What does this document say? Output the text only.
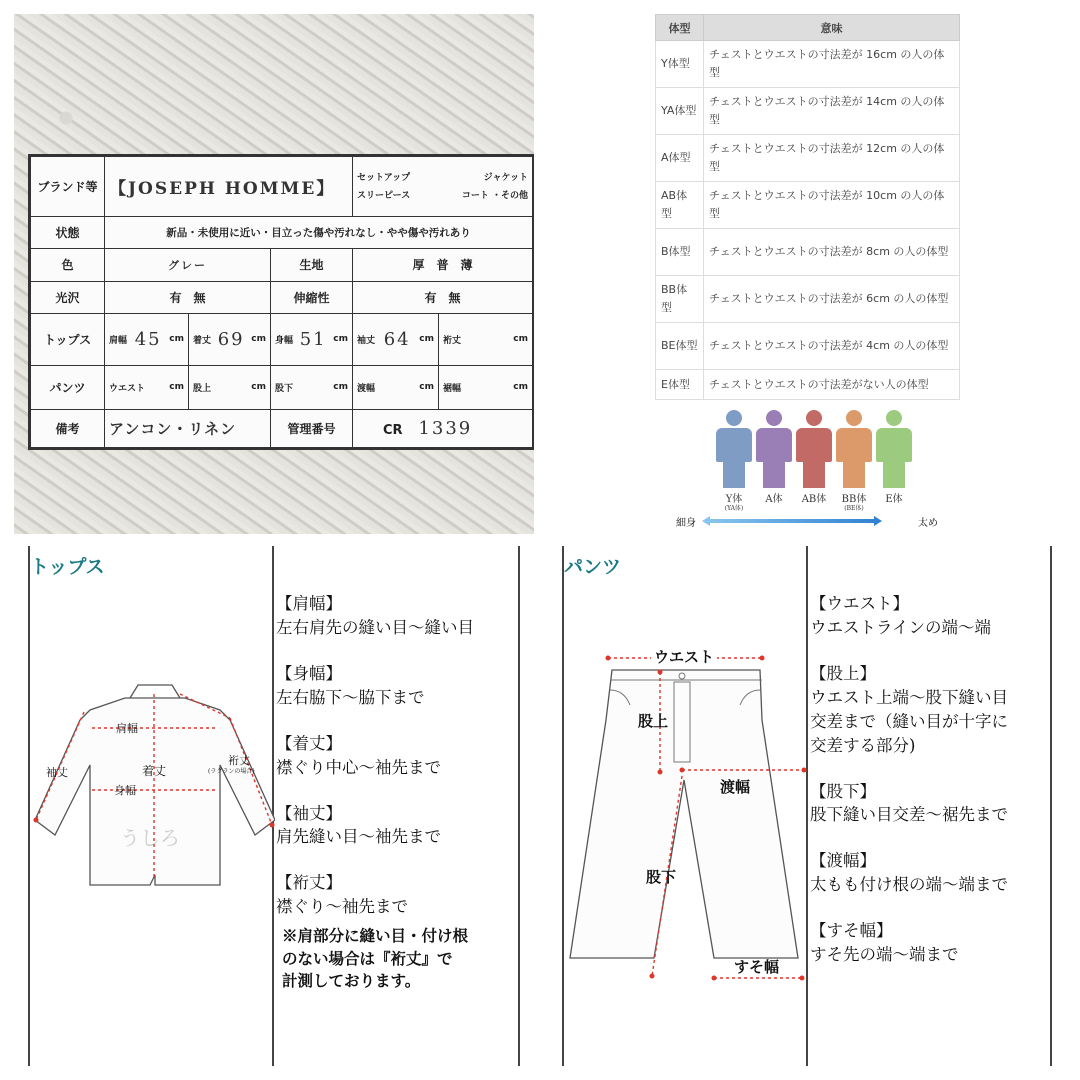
ブランド等	【JOSEPH HOMME】			セットアップ ジャケット
スリーピース コート ・その他	

状態	新品・未使用に近い・目立った傷や汚れなし・やや傷や汚れあり				
色	グレー		生地	厚　普　薄	
光沢	有　無		伸縮性	有　無	
トップス	肩幅 45 cm	着丈 69 cm	身幅 51 cm	袖丈 64 cm	裄丈 cm

パンツ	ウエスト cm	股上 cm	股下 cm	渡幅 cm	裾幅 cm

備考	アンコン・リネン		管理番号	CR 1339	
体型	意味
Y体型	チェストとウエストの寸法差が 16cm の人の体型
YA体型	チェストとウエストの寸法差が 14cm の人の体型
A体型	チェストとウエストの寸法差が 12cm の人の体型
AB体型	チェストとウエストの寸法差が 10cm の人の体型
B体型	チェストとウエストの寸法差が 8cm の人の体型
BB体型	チェストとウエストの寸法差が 6cm の人の体型
BE体型	チェストとウエストの寸法差が 4cm の人の体型
E体型	チェストとウエストの寸法差がない人の体型
Y体
(YA体)
A体	AB体	BB体
(BE体)
E体
細身	太め
トップス
うしろ
肩幅
袖丈	着丈
身幅
裄丈
(ラグランの場合)
【肩幅】
左右肩先の縫い目〜縫い目
【身幅】
左右脇下〜脇下まで
【着丈】
襟ぐり中心〜袖先まで
【袖丈】
肩先縫い目〜袖先まで
【裄丈】
襟ぐり〜袖先まで
※肩部分に縫い目・付け根
のない場合は『裄丈』で
計測しております。
パンツ
ウエスト
股上
渡幅
股下
すそ幅
【ウエスト】
ウエストラインの端〜端
【股上】
ウエスト上端〜股下縫い目
交差まで（縫い目が十字に
交差する部分)
【股下】
股下縫い目交差〜裾先まで
【渡幅】
太もも付け根の端〜端まで
【すそ幅】
すそ先の端〜端まで
